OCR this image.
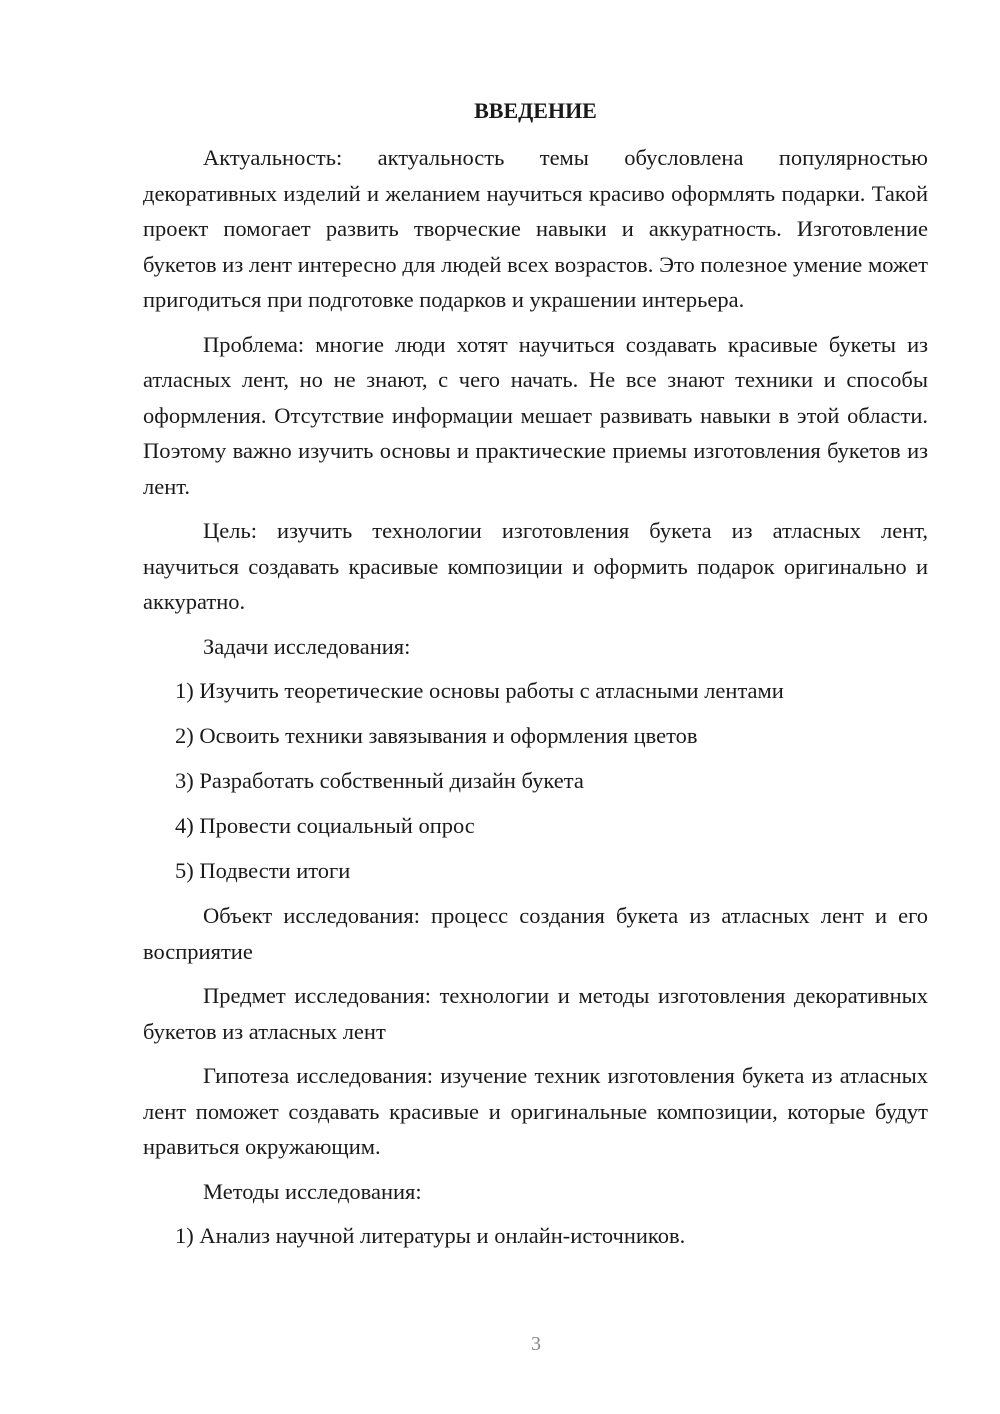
ВВЕДЕНИЕ

Актуальность: актуальность темы обусловлена популярностью декоративных изделий и желанием научиться красиво оформлять подарки. Такой проект помогает развить творческие навыки и аккуратность. Изготовление букетов из лент интересно для людей всех возрастов. Это полезное умение может пригодиться при подготовке подарков и украшении интерьера.

Проблема: многие люди хотят научиться создавать красивые букеты из атласных лент, но не знают, с чего начать. Не все знают техники и способы оформления. Отсутствие информации мешает развивать навыки в этой области. Поэтому важно изучить основы и практические приемы изготовления букетов из лент.

Цель: изучить технологии изготовления букета из атласных лент, научиться создавать красивые композиции и оформить подарок оригинально и аккуратно.

Задачи исследования:

1) Изучить теоретические основы работы с атласными лентами
2) Освоить техники завязывания и оформления цветов
3) Разработать собственный дизайн букета
4) Провести социальный опрос
5) Подвести итоги

Объект исследования: процесс создания букета из атласных лент и его восприятие

Предмет исследования: технологии и методы изготовления декоративных букетов из атласных лент

Гипотеза исследования: изучение техник изготовления букета из атласных лент поможет создавать красивые и оригинальные композиции, которые будут нравиться окружающим.

Методы исследования:

1) Анализ научной литературы и онлайн-источников.
3
